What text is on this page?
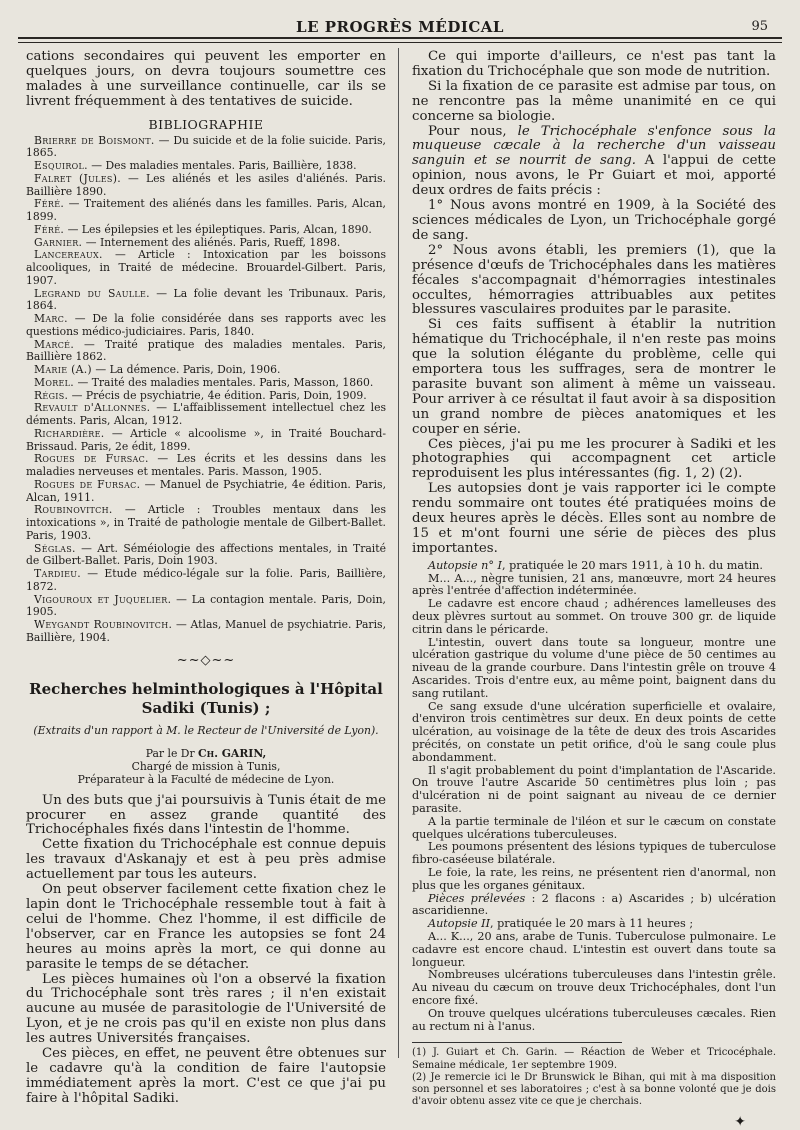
LE PROGRÈS MÉDICAL	95

cations secondaires qui peuvent les emporter en quelques jours, on devra toujours soumettre ces malades à une surveillance continuelle, car ils se livrent fréquemment à des tentatives de suicide.

BIBLIOGRAPHIE

Brierre de Boismont. — Du suicide et de la folie suicide. Paris, 1865.

Esquirol. — Des maladies mentales. Paris, Baillière, 1838.

Falret (Jules). — Les aliénés et les asiles d'aliénés. Paris. Baillière 1890.

Féré. — Traitement des aliénés dans les familles. Paris, Alcan, 1899.

Féré. — Les épilepsies et les épileptiques. Paris, Alcan, 1890.

Garnier. — Internement des aliénés. Paris, Rueff, 1898.

Lancereaux. — Article : Intoxication par les boissons alcooliques, in Traité de médecine. Brouardel-Gilbert. Paris, 1907.

Legrand du Saulle. — La folie devant les Tribunaux. Paris, 1864.

Marc. — De la folie considérée dans ses rapports avec les questions médico-judiciaires. Paris, 1840.

Marcé. — Traité pratique des maladies mentales. Paris, Baillière 1862.

Marie (A.) — La démence. Paris, Doin, 1906.

Morel. — Traité des maladies mentales. Paris, Masson, 1860.

Régis. — Précis de psychiatrie, 4e édition. Paris, Doin, 1909.

Revault d'Allonnes. — L'affaiblissement intellectuel chez les déments. Paris, Alcan, 1912.

Richardière. — Article « alcoolisme », in Traité Bouchard-Brissaud. Paris, 2e édit, 1899.

Rogues de Fursac. — Les écrits et les dessins dans les maladies nerveuses et mentales. Paris. Masson, 1905.

Rogues de Fursac. — Manuel de Psychiatrie, 4e édition. Paris, Alcan, 1911.

Roubinovitch. — Article : Troubles mentaux dans les intoxications », in Traité de pathologie mentale de Gilbert-Ballet. Paris, 1903.

Séglas. — Art. Séméiologie des affections mentales, in Traité de Gilbert-Ballet. Paris, Doin 1903.

Tardieu. — Etude médico-légale sur la folie. Paris, Baillière, 1872.

Vigouroux et Juquelier. — La contagion mentale. Paris, Doin, 1905.

Weygandt Roubinovitch. — Atlas, Manuel de psychiatrie. Paris, Baillière, 1904.

~~◇~~
Recherches helminthologiques à l'Hôpital Sadiki (Tunis) ;
(Extraits d'un rapport à M. le Recteur de l'Université de Lyon).
Par le Dr Ch. GARIN,
Chargé de mission à Tunis,
Préparateur à la Faculté de médecine de Lyon.

Un des buts que j'ai poursuivis à Tunis était de me procurer en assez grande quantité des Trichocéphales fixés dans l'intestin de l'homme.

Cette fixation du Trichocéphale est connue depuis les travaux d'Askanajy et est à peu près admise actuellement par tous les auteurs.

On peut observer facilement cette fixation chez le lapin dont le Trichocéphale ressemble tout à fait à celui de l'homme. Chez l'homme, il est difficile de l'observer, car en France les autopsies se font 24 heures au moins après la mort, ce qui donne au parasite le temps de se détacher.

Les pièces humaines où l'on a observé la fixation du Trichocéphale sont très rares ; il n'en existait aucune au musée de parasitologie de l'Université de Lyon, et je ne crois pas qu'il en existe non plus dans les autres Universités françaises.

Ces pièces, en effet, ne peuvent être obtenues sur le cadavre qu'à la condition de faire l'autopsie immédiatement après la mort. C'est ce que j'ai pu faire à l'hôpital Sadiki.

Ce qui importe d'ailleurs, ce n'est pas tant la fixation du Trichocéphale que son mode de nutrition.

Si la fixation de ce parasite est admise par tous, on ne rencontre pas la même unanimité en ce qui concerne sa biologie.

Pour nous, le Trichocéphale s'enfonce sous la muqueuse cæcale à la recherche d'un vaisseau sanguin et se nourrit de sang. A l'appui de cette opinion, nous avons, le Pr Guiart et moi, apporté deux ordres de faits précis :

1° Nous avons montré en 1909, à la Société des sciences médicales de Lyon, un Trichocéphale gorgé de sang.

2° Nous avons établi, les premiers (1), que la présence d'œufs de Trichocéphales dans les matières fécales s'accompagnait d'hémorragies intestinales occultes, hémorragies attribuables aux petites blessures vasculaires produites par le parasite.

Si ces faits suffisent à établir la nutrition hématique du Trichocéphale, il n'en reste pas moins que la solution élégante du problème, celle qui emportera tous les suffrages, sera de montrer le parasite buvant son aliment à même un vaisseau. Pour arriver à ce résultat il faut avoir à sa disposition un grand nombre de pièces anatomiques et les couper en série.

Ces pièces, j'ai pu me les procurer à Sadiki et les photographies qui accompagnent cet article reproduisent les plus intéressantes (fig. 1, 2) (2).

Les autopsies dont je vais rapporter ici le compte rendu sommaire ont toutes été pratiquées moins de deux heures après le décès. Elles sont au nombre de 15 et m'ont fourni une série de pièces des plus importantes.

Autopsie n° I, pratiquée le 20 mars 1911, à 10 h. du matin.

M... A..., nègre tunisien, 21 ans, manœuvre, mort 24 heures après l'entrée d'affection indéterminée.

Le cadavre est encore chaud ; adhérences lamelleuses des deux plèvres surtout au sommet. On trouve 300 gr. de liquide citrin dans le péricarde.

L'intestin, ouvert dans toute sa longueur, montre une ulcération gastrique du volume d'une pièce de 50 centimes au niveau de la grande courbure. Dans l'intestin grêle on trouve 4 Ascarides. Trois d'entre eux, au même point, baignent dans du sang rutilant.

Ce sang exsude d'une ulcération superficielle et ovalaire, d'environ trois centimètres sur deux. En deux points de cette ulcération, au voisinage de la tête de deux des trois Ascarides précités, on constate un petit orifice, d'où le sang coule plus abondamment.

Il s'agit probablement du point d'implantation de l'Ascaride. On trouve l'autre Ascaride 50 centimètres plus loin ; pas d'ulcération ni de point saignant au niveau de ce dernier parasite.

A la partie terminale de l'iléon et sur le cæcum on constate quelques ulcérations tuberculeuses.

Les poumons présentent des lésions typiques de tuberculose fibro-caséeuse bilatérale.

Le foie, la rate, les reins, ne présentent rien d'anormal, non plus que les organes génitaux.

Pièces prélevées : 2 flacons : a) Ascarides ; b) ulcération ascaridienne.

Autopsie II, pratiquée le 20 mars à 11 heures ;

A... K..., 20 ans, arabe de Tunis. Tuberculose pulmonaire. Le cadavre est encore chaud. L'intestin est ouvert dans toute sa longueur.

Nombreuses ulcérations tuberculeuses dans l'intestin grêle. Au niveau du cæcum on trouve deux Trichocéphales, dont l'un encore fixé.

On trouve quelques ulcérations tuberculeuses cæcales. Rien au rectum ni à l'anus.

(1) J. Guiart et Ch. Garin. — Réaction de Weber et Tricocéphale. Semaine médicale, 1er septembre 1909.

(2) Je remercie ici le Dr Brunswick le Bihan, qui mit à ma disposition son personnel et ses laboratoires ; c'est à sa bonne volonté que je dois d'avoir obtenu assez vite ce que je cherchais.

✦
